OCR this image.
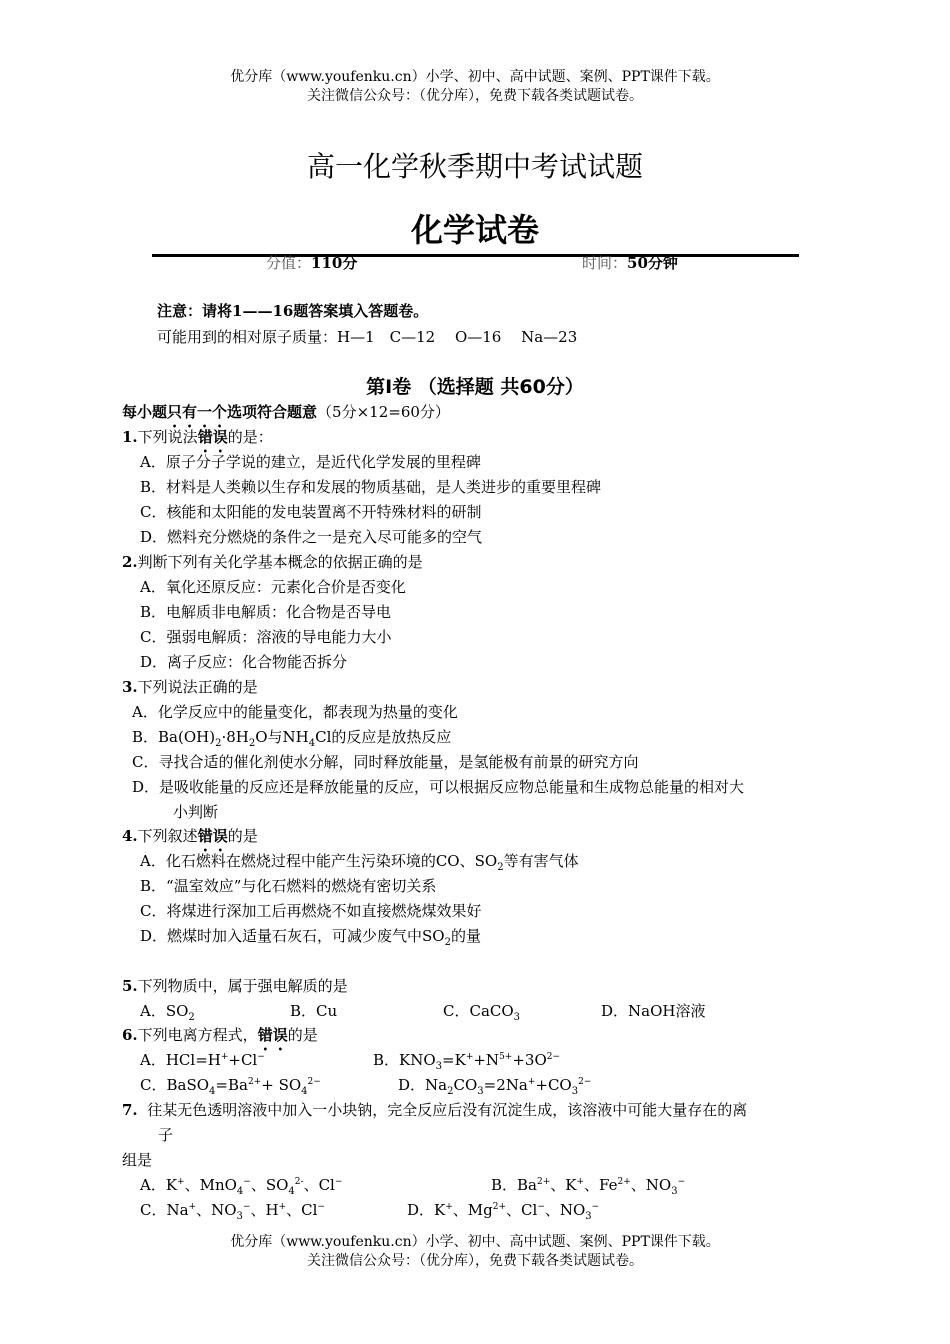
优分库（www.youfenku.cn）小学、初中、高中试题、案例、PPT课件下载。
关注微信公众号：（优分库），免费下载各类试题试卷。
高一化学秋季期中考试试题
化学试卷
分值：110分	时间：50分钟
注意：请将1——16题答案填入答题卷。
可能用到的相对原子质量：H—1　C—12　 O—16　 Na—23
第Ⅰ卷 （选择题 共60分）
每小题只有一个选项符合题意（5分×12=60分）
1.下列说法错误的是：
A．原子分子学说的建立，是近代化学发展的里程碑
B．材料是人类赖以生存和发展的物质基础，是人类进步的重要里程碑
C．核能和太阳能的发电装置离不开特殊材料的研制
D．燃料充分燃烧的条件之一是充入尽可能多的空气
2.判断下列有关化学基本概念的依据正确的是
A．氧化还原反应：元素化合价是否变化
B．电解质非电解质：化合物是否导电
C．强弱电解质：溶液的导电能力大小
D．离子反应：化合物能否拆分
3.下列说法正确的是
A．化学反应中的能量变化，都表现为热量的变化
B．$Ba(OH)_2\cdot 8H_2O$与$NH_4Cl$的反应是放热反应
C．寻找合适的催化剂使水分解，同时释放能量，是氢能极有前景的研究方向
D．是吸收能量的反应还是释放能量的反应，可以根据反应物总能量和生成物总能量的相对大
小判断
4.下列叙述错误的是
A．化石燃料在燃烧过程中能产生污染环境的CO、$SO_2$等有害气体
B．“温室效应”与化石燃料的燃烧有密切关系
C．将煤进行深加工后再燃烧不如直接燃烧煤效果好
D．燃煤时加入适量石灰石，可减少废气中$SO_2$的量
5.下列物质中，属于强电解质的是
A．$SO_2$	B．Cu	C．CaCO$_3$	D．NaOH溶液
6.下列电离方程式，错误的是
A．HCl=H++Cl−	B．$KNO_3=K^++N^{5+}+3O^{2-}$
C．$BaSO_4=Ba^{2+}+ SO_4^{2-}$	D．$Na_2CO_3=2Na^++CO_3^{2-}$
7. 往某无色透明溶液中加入一小块钠，完全反应后没有沉淀生成，该溶液中可能大量存在的离
子
组是
A．K+、MnO$_4$−、$SO_4^{2-}$、Cl−	B．$Ba^{2+}$、K+、$Fe^{2+}$、$NO_3^-$
C．Na+、$NO_3^-$、H+、Cl−	D．K+、$Mg^{2+}$、Cl−、$NO_3^-$
优分库（www.youfenku.cn）小学、初中、高中试题、案例、PPT课件下载。
关注微信公众号：（优分库），免费下载各类试题试卷。
